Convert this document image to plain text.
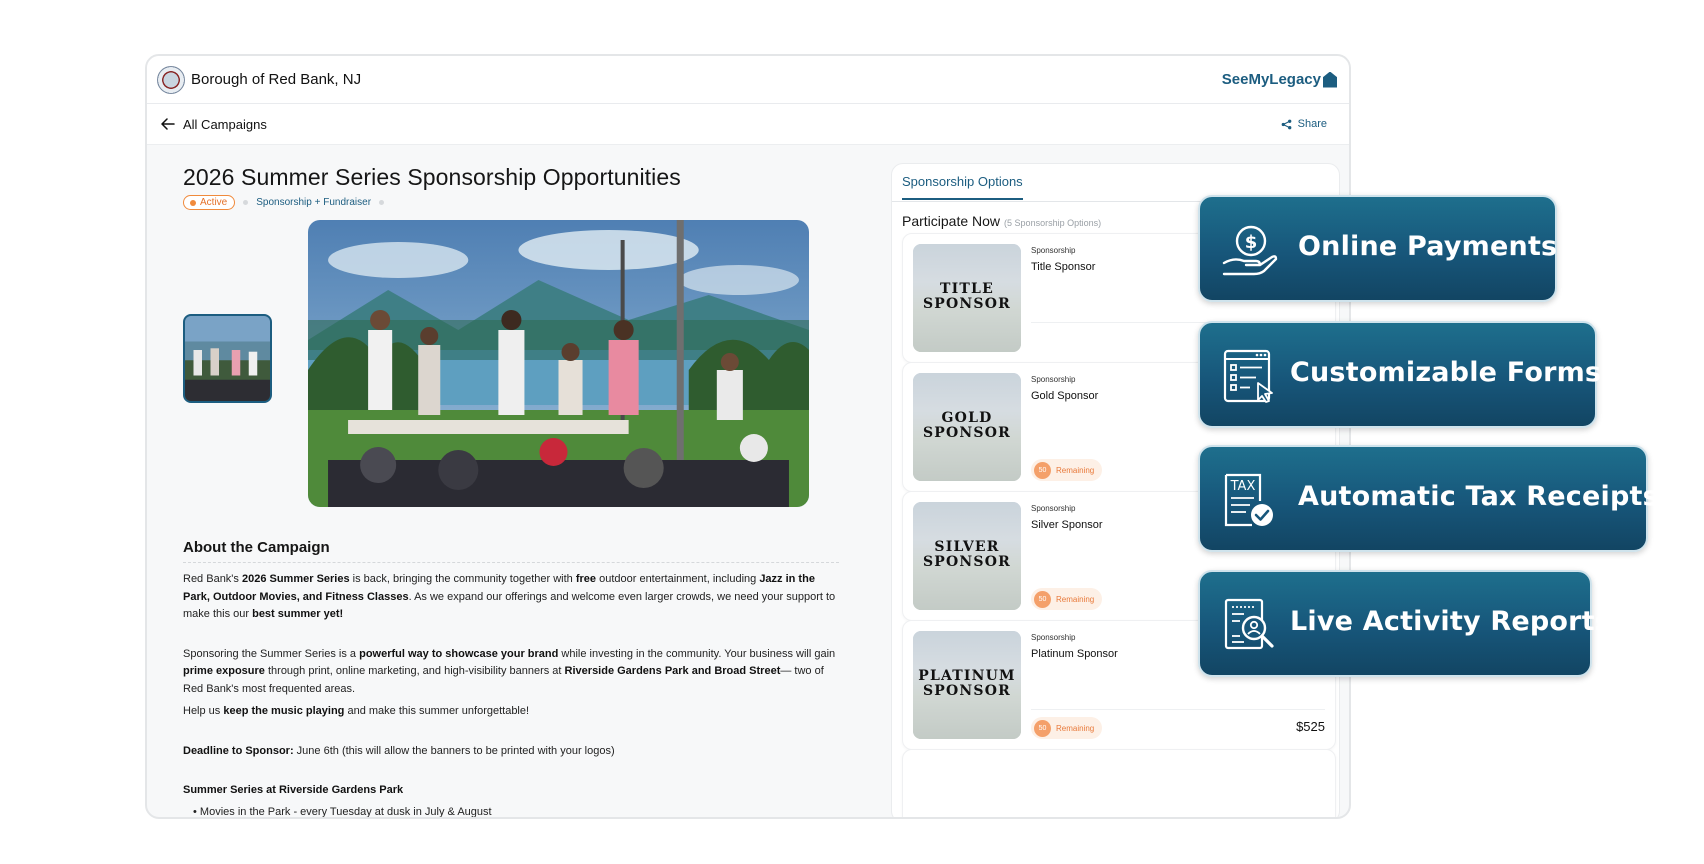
Borough of Red Bank, NJ	SeeMyLegacy
All Campaigns	Share
2026 Summer Series Sponsorship Opportunities
Active	Sponsorship + Fundraiser
About the Campaign

Red Bank's 2026 Summer Series is back, bringing the community together with free outdoor entertainment, including Jazz in the Park, Outdoor Movies, and Fitness Classes. As we expand our offerings and welcome even larger crowds, we need your support to make this our best summer yet!

Sponsoring the Summer Series is a powerful way to showcase your brand while investing in the community. Your business will gain prime exposure through print, online marketing, and high-visibility banners at Riverside Gardens Park and Broad Street— two of Red Bank's most frequented areas.

Help us keep the music playing and make this summer unforgettable!

Deadline to Sponsor: June 6th (this will allow the banners to be printed with your logos)

Summer Series at Riverside Gardens Park

• Movies in the Park - every Tuesday at dusk in July & August

Sponsorship Options
Participate Now (5 Sponsorship Options)
TITLE
SPONSOR
Sponsorship
Title Sponsor
GOLD
SPONSOR
Sponsorship
Gold Sponsor
50	Remaining
SILVER
SPONSOR
Sponsorship
Silver Sponsor
50	Remaining
PLATINUM
SPONSOR
Sponsorship
Platinum Sponsor
50	Remaining	$525
$ Online Payments
Customizable Forms
TAX Automatic Tax Receipts
Live Activity Reports
